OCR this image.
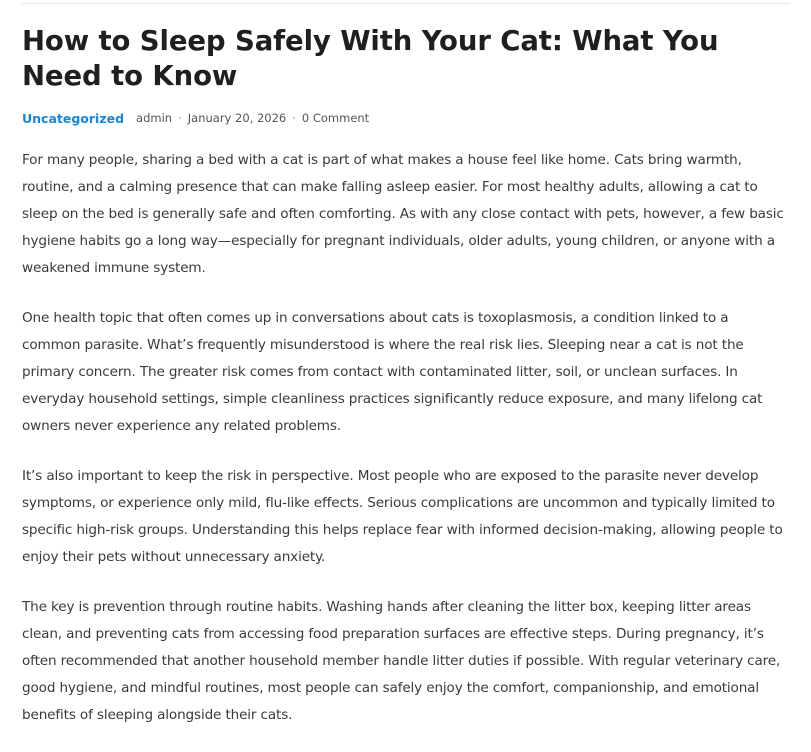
How to Sleep Safely With Your Cat: What You Need to Know
Uncategorized admin · January 20, 2026 · 0 Comment

For many people, sharing a bed with a cat is part of what makes a house feel like home. Cats bring warmth, routine, and a calming presence that can make falling asleep easier. For most healthy adults, allowing a cat to sleep on the bed is generally safe and often comforting. As with any close contact with pets, however, a few basic hygiene habits go a long way—especially for pregnant individuals, older adults, young children, or anyone with a weakened immune system.

One health topic that often comes up in conversations about cats is toxoplasmosis, a condition linked to a common parasite. What’s frequently misunderstood is where the real risk lies. Sleeping near a cat is not the primary concern. The greater risk comes from contact with contaminated litter, soil, or unclean surfaces. In everyday household settings, simple cleanliness practices significantly reduce exposure, and many lifelong cat owners never experience any related problems.

It’s also important to keep the risk in perspective. Most people who are exposed to the parasite never develop symptoms, or experience only mild, flu-like effects. Serious complications are uncommon and typically limited to specific high-risk groups. Understanding this helps replace fear with informed decision-making, allowing people to enjoy their pets without unnecessary anxiety.

The key is prevention through routine habits. Washing hands after cleaning the litter box, keeping litter areas clean, and preventing cats from accessing food preparation surfaces are effective steps. During pregnancy, it’s often recommended that another household member handle litter duties if possible. With regular veterinary care, good hygiene, and mindful routines, most people can safely enjoy the comfort, companionship, and emotional benefits of sleeping alongside their cats.
